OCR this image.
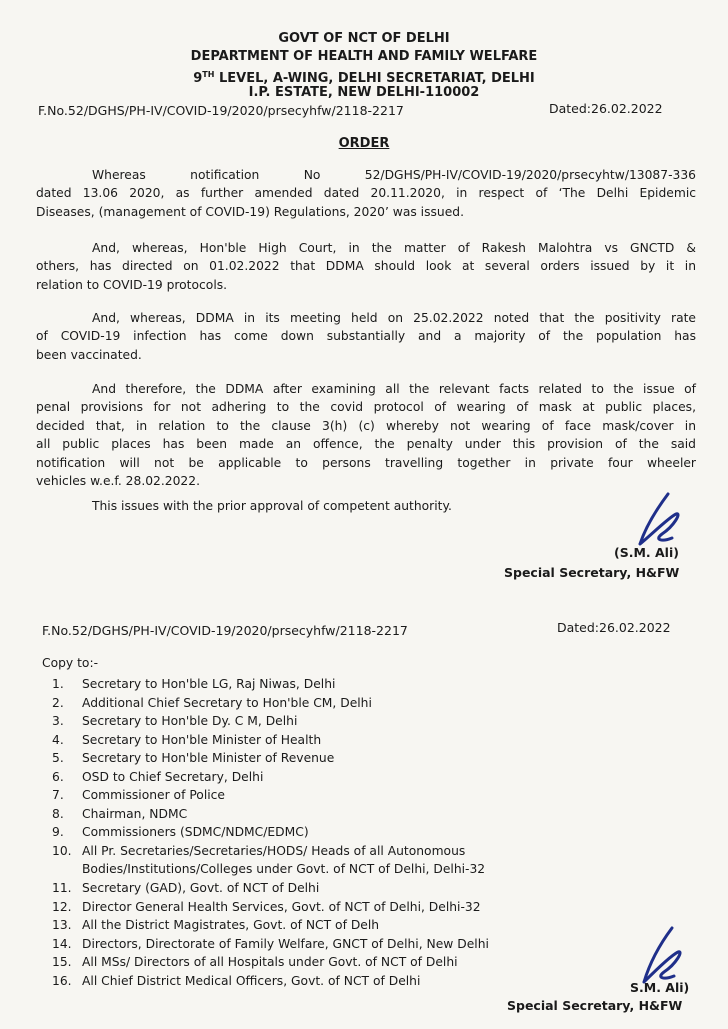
GOVT OF NCT OF DELHI
DEPARTMENT OF HEALTH AND FAMILY WELFARE
9TH LEVEL, A-WING, DELHI SECRETARIAT, DELHI
I.P. ESTATE, NEW DELHI-110002
F.No.52/DGHS/PH-IV/COVID-19/2020/prsecyhfw/2118-2217	Dated:26.02.2022
ORDER
Whereas notification No 52/DGHS/PH-IV/COVID-19/2020/prsecyhtw/13087-336
dated 13.06 2020, as further amended dated 20.11.2020, in respect of ‘The Delhi Epidemic
Diseases, (management of COVID-19) Regulations, 2020’ was issued.
And, whereas, Hon'ble High Court, in the matter of Rakesh Malohtra vs GNCTD &
others, has directed on 01.02.2022 that DDMA should look at several orders issued by it in
relation to COVID-19 protocols.
And, whereas, DDMA in its meeting held on 25.02.2022 noted that the positivity rate
of COVID-19 infection has come down substantially and a majority of the population has
been vaccinated.
And therefore, the DDMA after examining all the relevant facts related to the issue of
penal provisions for not adhering to the covid protocol of wearing of mask at public places,
decided that, in relation to the clause 3(h) (c) whereby not wearing of face mask/cover in
all public places has been made an offence, the penalty under this provision of the said
notification will not be applicable to persons travelling together in private four wheeler
vehicles w.e.f. 28.02.2022.
This issues with the prior approval of competent authority.
(S.M. Ali)
Special Secretary, H&FW
F.No.52/DGHS/PH-IV/COVID-19/2020/prsecyhfw/2118-2217	Dated:26.02.2022
Copy to:-
1.	Secretary to Hon'ble LG, Raj Niwas, Delhi
2.	Additional Chief Secretary to Hon'ble CM, Delhi
3.	Secretary to Hon'ble Dy. C M, Delhi
4.	Secretary to Hon'ble Minister of Health
5.	Secretary to Hon'ble Minister of Revenue
6.	OSD to Chief Secretary, Delhi
7.	Commissioner of Police
8.	Chairman, NDMC
9.	Commissioners (SDMC/NDMC/EDMC)
10. All Pr. Secretaries/Secretaries/HODS/ Heads of all Autonomous
Bodies/Institutions/Colleges under Govt. of NCT of Delhi, Delhi-32
11. Secretary (GAD), Govt. of NCT of Delhi
12. Director General Health Services, Govt. of NCT of Delhi, Delhi-32
13. All the District Magistrates, Govt. of NCT of Delh
14. Directors, Directorate of Family Welfare, GNCT of Delhi, New Delhi
15. All MSs/ Directors of all Hospitals under Govt. of NCT of Delhi
16. All Chief District Medical Officers, Govt. of NCT of Delhi	S.M. Ali)
Special Secretary, H&FW
